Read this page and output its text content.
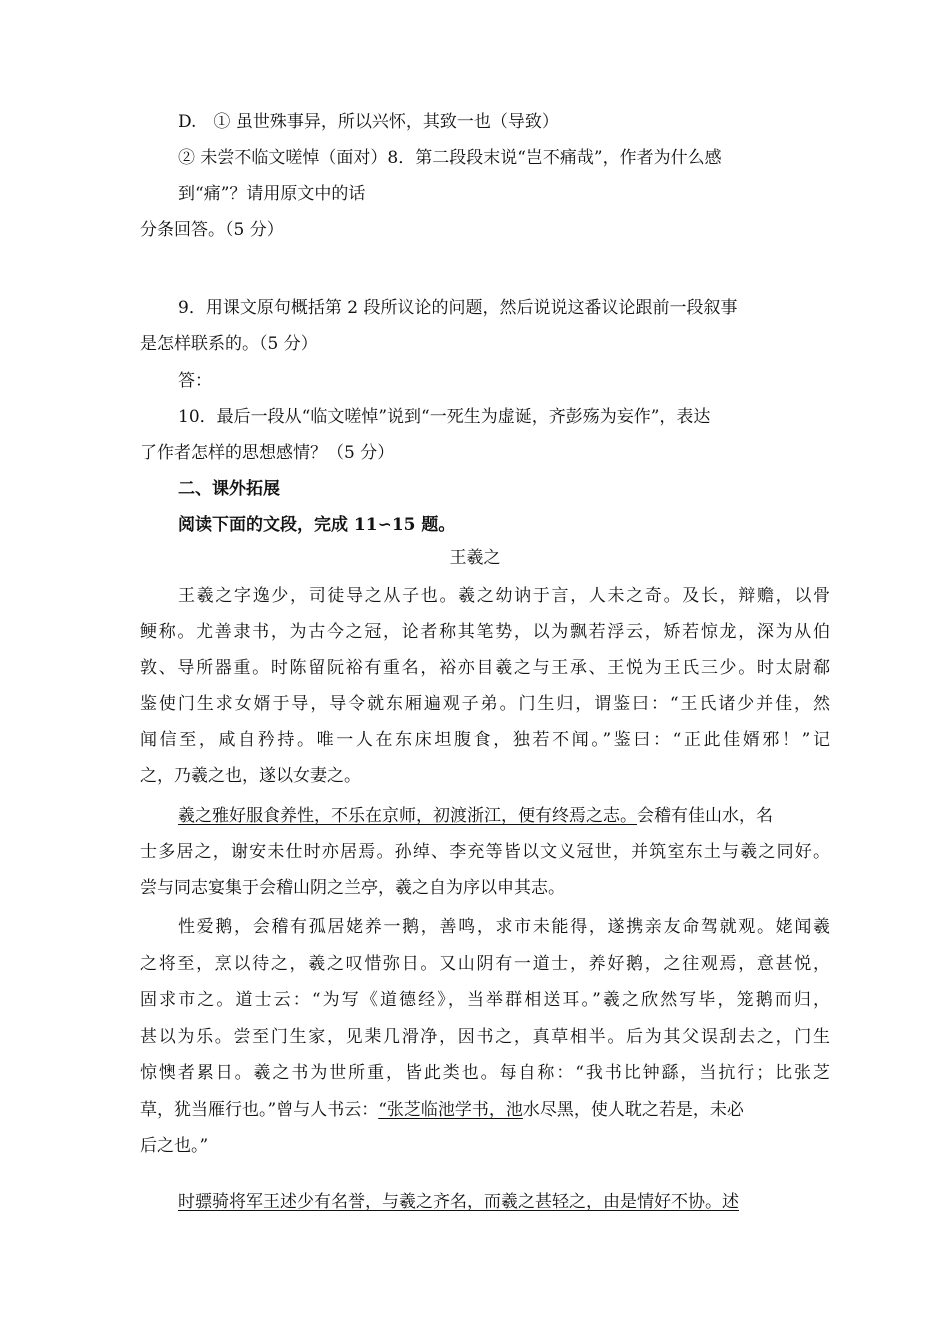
D.　① 虽世殊事异，所以兴怀，其致一也（导致）
② 未尝不临文嗟悼（面对）8．第二段段末说“岂不痛哉”，作者为什么感
到“痛”？请用原文中的话
分条回答。（5 分）
9．用课文原句概括第 2 段所议论的问题，然后说说这番议论跟前一段叙事
是怎样联系的。（5 分）
答：
10．最后一段从“临文嗟悼”说到“一死生为虚诞，齐彭殇为妄作”，表达
了作者怎样的思想感情？（5 分）
二、课外拓展
阅读下面的文段，完成 11∽15 题。
王羲之
王羲之字逸少，司徒导之从子也。羲之幼讷于言，人未之奇。及长，辩赡，以骨
鲠称。尤善隶书，为古今之冠，论者称其笔势，以为飘若浮云，矫若惊龙，深为从伯
敦、导所器重。时陈留阮裕有重名，裕亦目羲之与王承、王悦为王氏三少。时太尉郗
鉴使门生求女婿于导，导令就东厢遍观子弟。门生归，谓鉴曰：“王氏诸少并佳，然
闻信至，咸自矜持。唯一人在东床坦腹食，独若不闻。”鉴曰：“正此佳婿邪！”记
之，乃羲之也，遂以女妻之。
羲之雅好服食养性，不乐在京师，初渡浙江，便有终焉之志。会稽有佳山水，名
士多居之，谢安未仕时亦居焉。孙绰、李充等皆以文义冠世，并筑室东土与羲之同好。
尝与同志宴集于会稽山阴之兰亭，羲之自为序以申其志。
性爱鹅，会稽有孤居姥养一鹅，善鸣，求市未能得，遂携亲友命驾就观。姥闻羲
之将至，烹以待之，羲之叹惜弥日。又山阴有一道士，养好鹅，之往观焉，意甚悦，
固求市之。道士云：“为写《道德经》，当举群相送耳。”羲之欣然写毕，笼鹅而归，
甚以为乐。尝至门生家，见棐几滑净，因书之，真草相半。后为其父误刮去之，门生
惊懊者累日。羲之书为世所重，皆此类也。每自称：“我书比钟繇，当抗行；比张芝
草，犹当雁行也。”曾与人书云：“张芝临池学书，池水尽黑，使人耽之若是，未必
后之也。”
时骠骑将军王述少有名誉，与羲之齐名，而羲之甚轻之，由是情好不协。述
